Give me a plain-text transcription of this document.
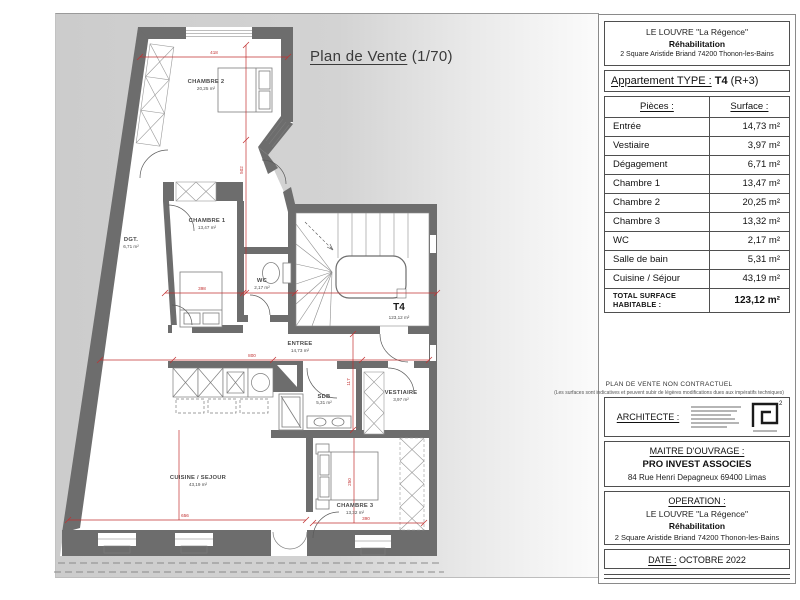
418
502
398
800
117
656
390
250
CHAMBRE 2
20,25 m²
CHAMBRE 1
13,47 m²
DGT.
6,71 m²
WC
2,17 m²
ENTREE
14,73 m²
SDB
5,31 m²
VESTIAIRE
3,97 m²
CUISINE / SEJOUR
43,19 m²
CHAMBRE 3
13,32 m²
T4
123,12 m²
Plan de Vente (1/70)
LE LOUVRE "La Régence"
Réhabilitation
2 Square Aristide Briand 74200 Thonon-les-Bains
Appartement TYPE : T4 (R+3)
Pièces :	Surface :
Entrée	14,73 m²
Vestiaire	3,97 m²
Dégagement	6,71 m²
Chambre 1	13,47 m²
Chambre 2	20,25 m²
Chambre 3	13,32 m²
WC	2,17 m²
Salle de bain	5,31 m²
Cuisine / Séjour	43,19 m²
TOTAL SURFACE HABITABLE :	123,12 m²
ARCHITECTE :
2
MAITRE D'OUVRAGE :
PRO INVEST ASSOCIES
84 Rue Henri Depagneux 69400 Limas
OPERATION :
LE LOUVRE "La Régence"
Réhabilitation
2 Square Aristide Briand 74200 Thonon-les-Bains
DATE : OCTOBRE 2022
PLAN DE VENTE NON CONTRACTUEL
(Les surfaces sont indicatives et peuvent subir de légères modifications dues aux impératifs techniques)
